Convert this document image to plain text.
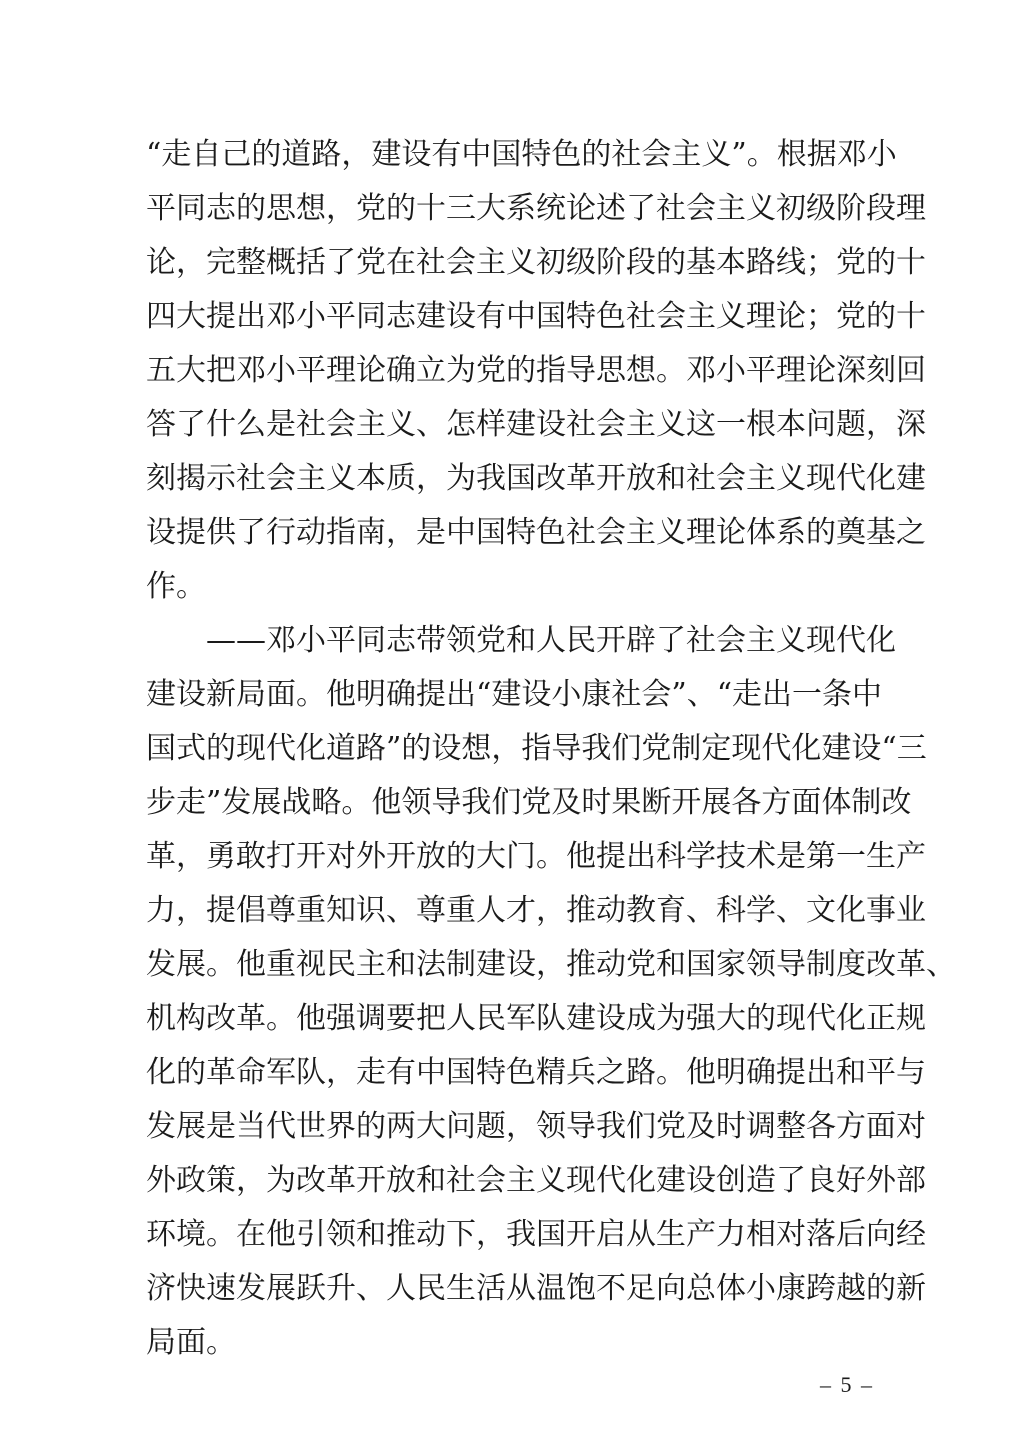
“ 走 自 己 的 道 路 ， 建 设 有 中 国 特 色 的 社 会 主 义 ” 。 根 据 邓 小
平 同 志 的 思 想 ， 党 的 十 三 大 系 统 论 述 了 社 会 主 义 初 级 阶 段 理
论 ， 完 整 概 括 了 党 在 社 会 主 义 初 级 阶 段 的 基 本 路 线 ； 党 的 十
四 大 提 出 邓 小 平 同 志 建 设 有 中 国 特 色 社 会 主 义 理 论 ； 党 的 十
五 大 把 邓 小 平 理 论 确 立 为 党 的 指 导 思 想 。 邓 小 平 理 论 深 刻 回
答 了 什 么 是 社 会 主 义 、 怎 样 建 设 社 会 主 义 这 一 根 本 问 题 ， 深
刻 揭 示 社 会 主 义 本 质 ， 为 我 国 改 革 开 放 和 社 会 主 义 现 代 化 建
设 提 供 了 行 动 指 南 ， 是 中 国 特 色 社 会 主 义 理 论 体 系 的 奠 基 之
作 。
— — 邓 小 平 同 志 带 领 党 和 人 民 开 辟 了 社 会 主 义 现 代 化
建 设 新 局 面 。 他 明 确 提 出 “ 建 设 小 康 社 会 ” 、 “ 走 出 一 条 中
国 式 的 现 代 化 道 路 ” 的 设 想 ， 指 导 我 们 党 制 定 现 代 化 建 设 “ 三
步 走 ” 发 展 战 略 。 他 领 导 我 们 党 及 时 果 断 开 展 各 方 面 体 制 改
革 ， 勇 敢 打 开 对 外 开 放 的 大 门 。 他 提 出 科 学 技 术 是 第 一 生 产
力 ， 提 倡 尊 重 知 识 、 尊 重 人 才 ， 推 动 教 育 、 科 学 、 文 化 事 业
发 展 。 他 重 视 民 主 和 法 制 建 设 ， 推 动 党 和 国 家 领 导 制 度 改 革 、
机 构 改 革 。 他 强 调 要 把 人 民 军 队 建 设 成 为 强 大 的 现 代 化 正 规
化 的 革 命 军 队 ， 走 有 中 国 特 色 精 兵 之 路 。 他 明 确 提 出 和 平 与
发 展 是 当 代 世 界 的 两 大 问 题 ， 领 导 我 们 党 及 时 调 整 各 方 面 对
外 政 策 ， 为 改 革 开 放 和 社 会 主 义 现 代 化 建 设 创 造 了 良 好 外 部
环 境 。 在 他 引 领 和 推 动 下 ， 我 国 开 启 从 生 产 力 相 对 落 后 向 经
济 快 速 发 展 跃 升 、 人 民 生 活 从 温 饱 不 足 向 总 体 小 康 跨 越 的 新
局 面 。
– 5 –
